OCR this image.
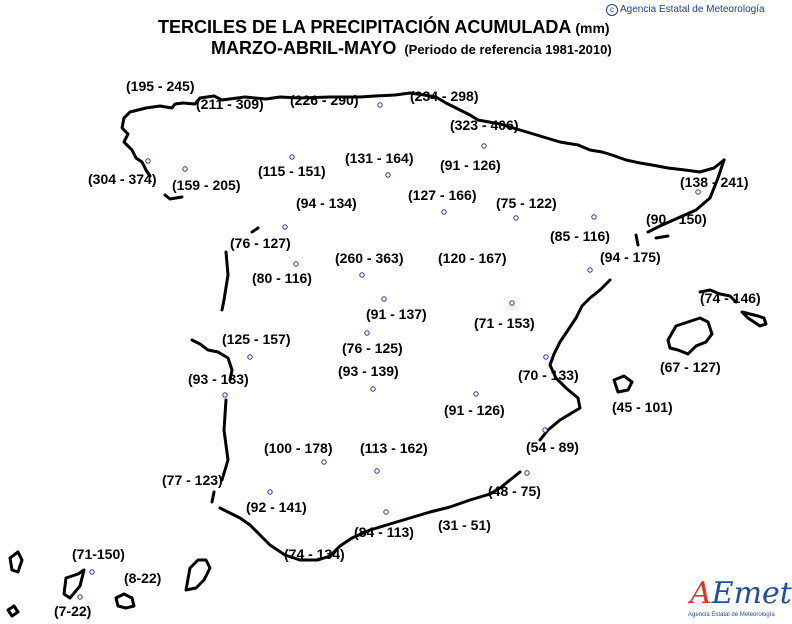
TERCILES DE LA PRECIPITACIÓN ACUMULADA (mm)
MARZO-ABRIL-MAYO (Periodo de referencia 1981-2010)
c Agencia Estatal de Meteorología
(195 - 245)
(211 - 309) (226 - 290)	(234 - 298)
(323 - 406)
(304 - 374) (159 - 205)
(115 - 151)
(131 - 164) (91 - 126)
(138 - 241)
(94 - 134)	(127 - 166) (75 - 122)
(90 - 150)
(76 - 127)	(85 - 116)
(80 - 116)
(260 - 363) (120 - 167)	(94 - 175)
(74 - 146)
(91 - 137)
(71 - 153)
(125 - 157)
(76 - 125)
(93 - 133)	(93 - 139)	(70 - 133)	(67 - 127)
(45 - 101)
(91 - 126)
(100 - 178) (113 - 162)	(54 - 89)
(77 - 123)
(48 - 75)
(92 - 141)
(31 - 51)
(84 - 113)
(74 - 134)
(71-150)
(8-22)
(7-22)	AEmet
Agencia Estatal de Meteorología
